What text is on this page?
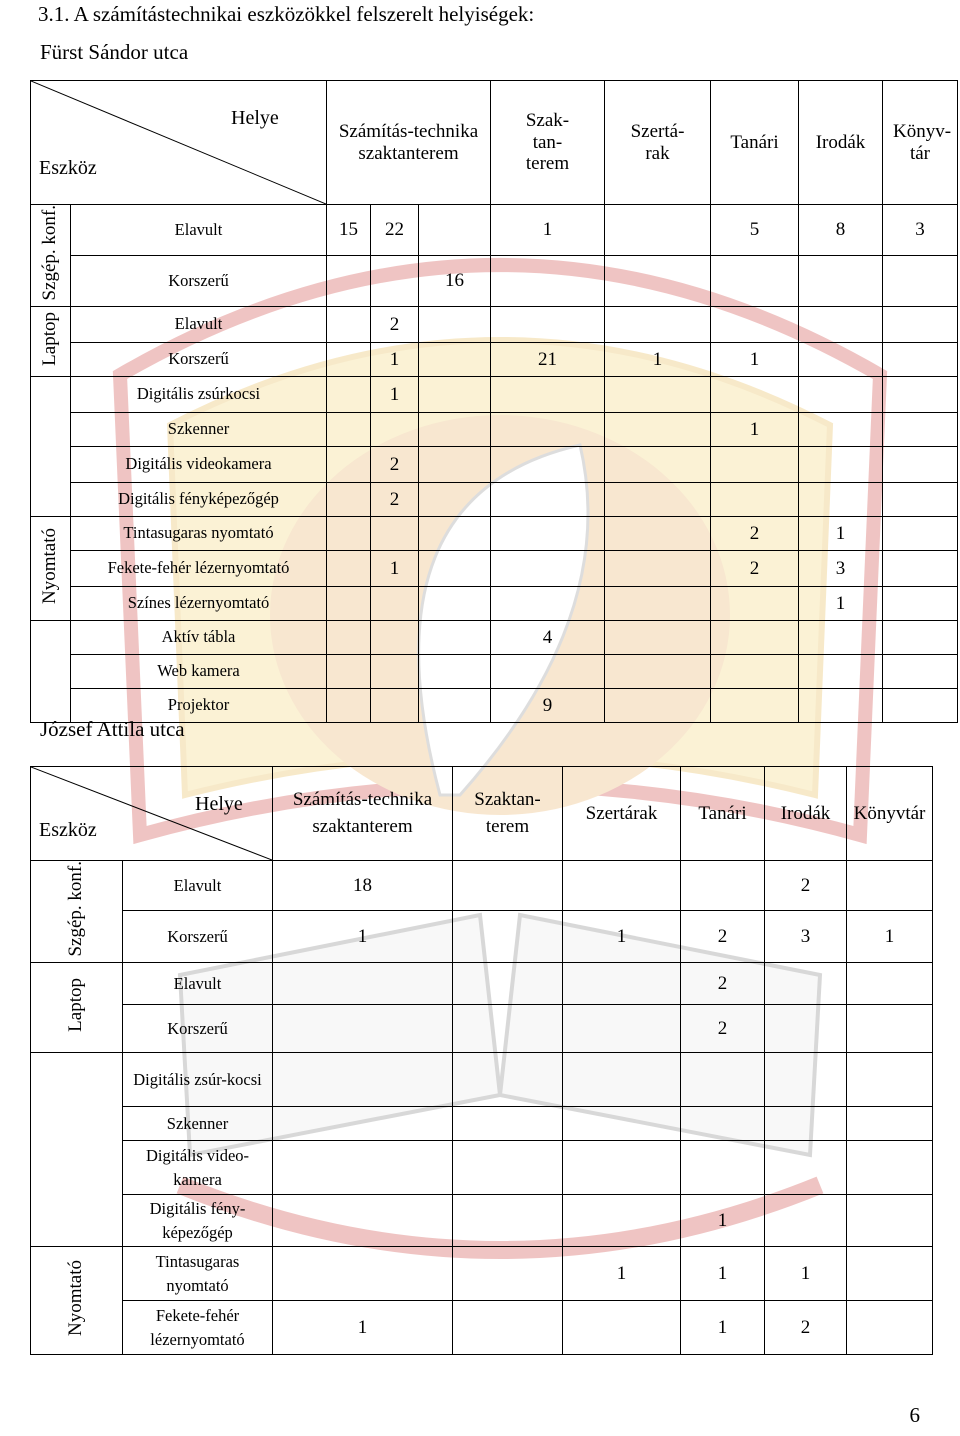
3.1. A számítástechnikai eszközökkel felszerelt helyiségek:
Fürst Sándor utca
Helye
Eszköz		Számítás-technika szaktanterem			Szak-tan-terem	Szertá-rak	Tanári	Irodák	Könyv-tár
Szgép. konf.	Elavult	15	22		1		5	8	3
	Korszerű			16					
Laptop	Elavult		2						
	Korszerű		1		21	1	1		
	Digitális zsúrkocsi		1						
	Szkenner						1		
	Digitális videokamera		2						
	Digitális fényképezőgép		2						
Nyomtató	Tintasugaras nyomtató						2	1	
	Fekete-fehér lézernyomtató		1				2	3	
	Színes lézernyomtató							1	
	Aktív tábla				4				
	Web kamera								
	Projektor				9				
József Attila utca
Helye
Eszköz		Számítás-technika szaktanterem	Szaktan-terem	Szertárak	Tanári	Irodák	Könyvtár
Szgép. konf.	Elavult	18				2	
	Korszerű	1		1	2	3	1
Laptop	Elavult				2		
	Korszerű				2		
	Digitális zsúr-kocsi						
	Szkenner						
	Digitális video-kamera						
	Digitális fény-képezőgép				1		
Nyomtató	Tintasugaras nyomtató			1	1	1	
	Fekete-fehér lézernyomtató	1			1	2	
6
